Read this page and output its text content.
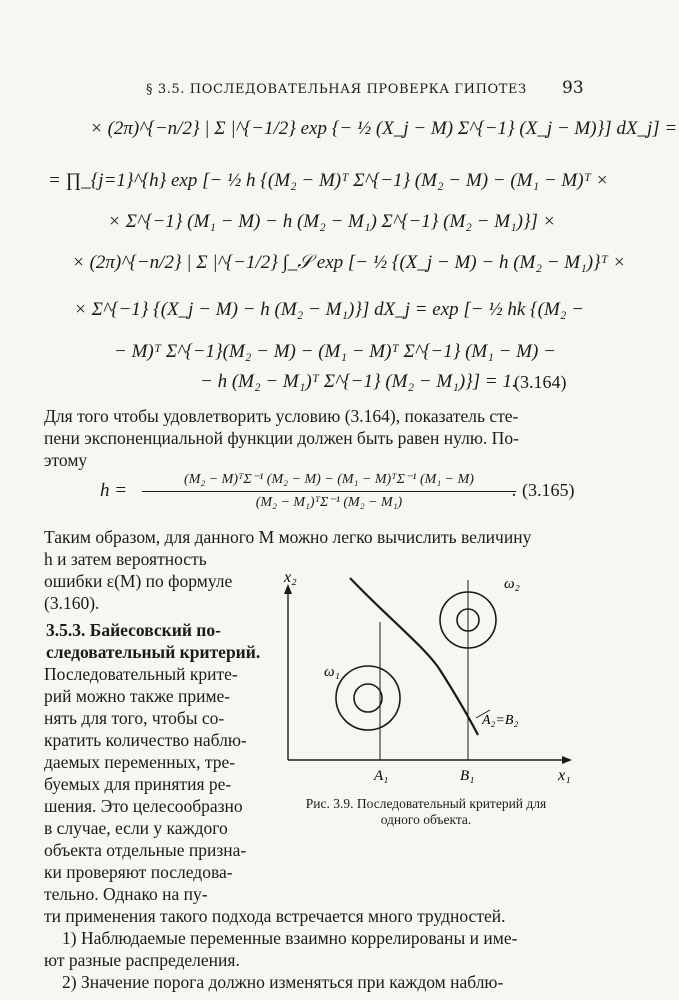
§ 3.5. ПОСЛЕДОВАТЕЛЬНАЯ ПРОВЕРКА ГИПОТЕЗ 93
× (2π)^{−n/2} | Σ |^{−1/2} exp {− ½ (X_j − M) Σ^{−1} (X_j − M)}] dX_j] =
= ∏_{j=1}^{h} exp [− ½ h {(M₂ − M)ᵀ Σ^{−1} (M₂ − M) − (M₁ − M)ᵀ ×
× Σ^{−1} (M₁ − M) − h (M₂ − M₁) Σ^{−1} (M₂ − M₁)}] ×
× (2π)^{−n/2} | Σ |^{−1/2} ∫_𝒮 exp [− ½ {(X_j − M) − h (M₂ − M₁)}ᵀ ×
× Σ^{−1} {(X_j − M) − h (M₂ − M₁)}] dX_j = exp [− ½ hk {(M₂ −
− M)ᵀ Σ^{−1}(M₂ − M) − (M₁ − M)ᵀ Σ^{−1} (M₁ − M) −
− h (M₂ − M₁)ᵀ Σ^{−1} (M₂ − M₁)}] = 1.
(3.164)
Для того чтобы удовлетворить условию (3.164), показатель сте-
пени экспоненциальной функции должен быть равен нулю. По-
этому
h =
(M₂ − M)ᵀΣ⁻¹ (M₂ − M) − (M₁ − M)ᵀΣ⁻¹ (M₁ − M)
(M₂ − M₁)ᵀΣ⁻¹ (M₂ − M₁)
. (3.165)
Таким образом, для данного M можно легко вычислить величину
h и затем вероятность
ошибки ε(M) по формуле
(3.160).
3.5.3. Байесовский по-
следовательный критерий.
Последовательный крите-
рий можно также приме-
нять для того, чтобы со-
кратить количество наблю-
даемых переменных, тре-
буемых для принятия ре-
шения. Это целесообразно
в случае, если у каждого
объекта отдельные призна-
ки проверяют последова-
тельно. Однако на пу-
ти применения такого подхода встречается много трудностей.
1) Наблюдаемые переменные взаимно коррелированы и име-
ют разные распределения.
2) Значение порога должно изменяться при каждом наблю-
x₂
x₁
A₁	B₁
ω₁
ω₂
A₂=B₂
Рис. 3.9. Последовательный критерий для
одного объекта.
